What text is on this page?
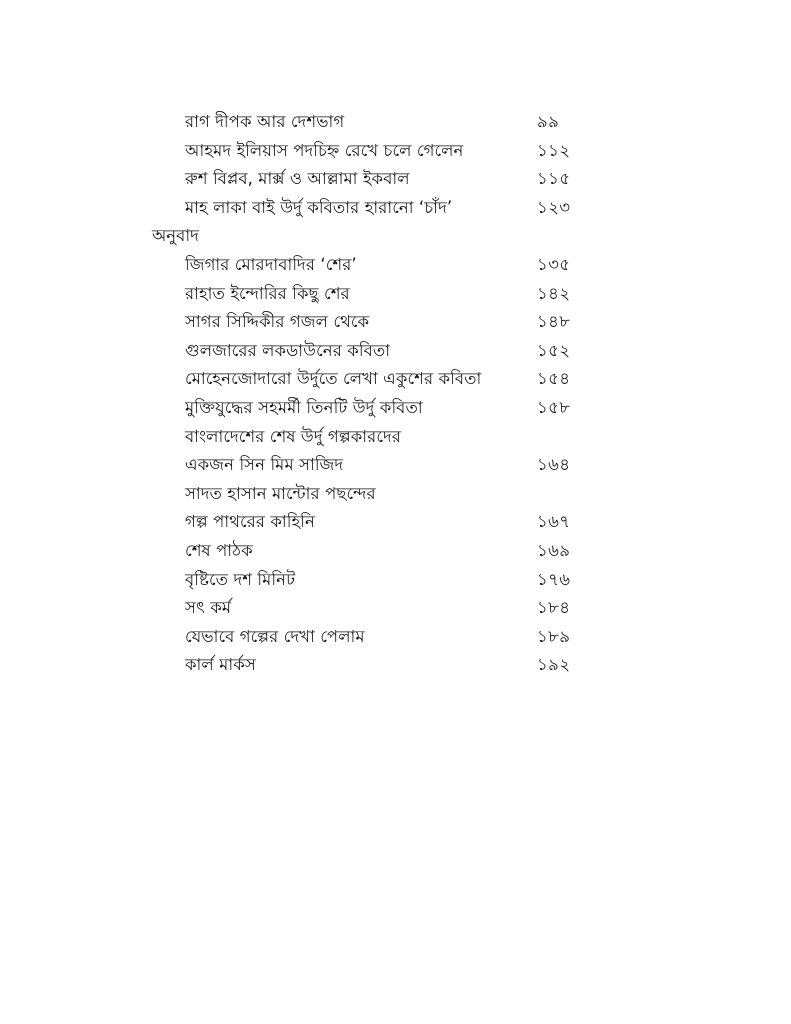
রাগ দীপক আর দেশভাগ	৯৯
আহমদ ইলিয়াস পদচিহ্ন রেখে চলে গেলেন	১১২
রুশ বিপ্লব, মার্ক্স ও আল্লামা ইকবাল	১১৫
মাহ লাকা বাই উর্দু কবিতার হারানো ‘চাঁদ’	১২৩
অনুবাদ
জিগার মোরদাবাদির ‘শের’	১৩৫
রাহাত ইন্দোরির কিছু শের	১৪২
সাগর সিদ্দিকীর গজল থেকে	১৪৮
গুলজারের লকডাউনের কবিতা	১৫২
মোহেনজোদারো উর্দুতে লেখা একুশের কবিতা	১৫৪
মুক্তিযুদ্ধের সহমর্মী তিনটি উর্দু কবিতা	১৫৮
বাংলাদেশের শেষ উর্দু গল্পকারদের
একজন সিন মিম সাজিদ	১৬৪
সাদত হাসান মান্টোর পছন্দের
গল্প পাথরের কাহিনি	১৬৭
শেষ পাঠক	১৬৯
বৃষ্টিতে দশ মিনিট	১৭৬
সৎ কর্ম	১৮৪
যেভাবে গল্পের দেখা পেলাম	১৮৯
কার্ল মার্কস	১৯২
